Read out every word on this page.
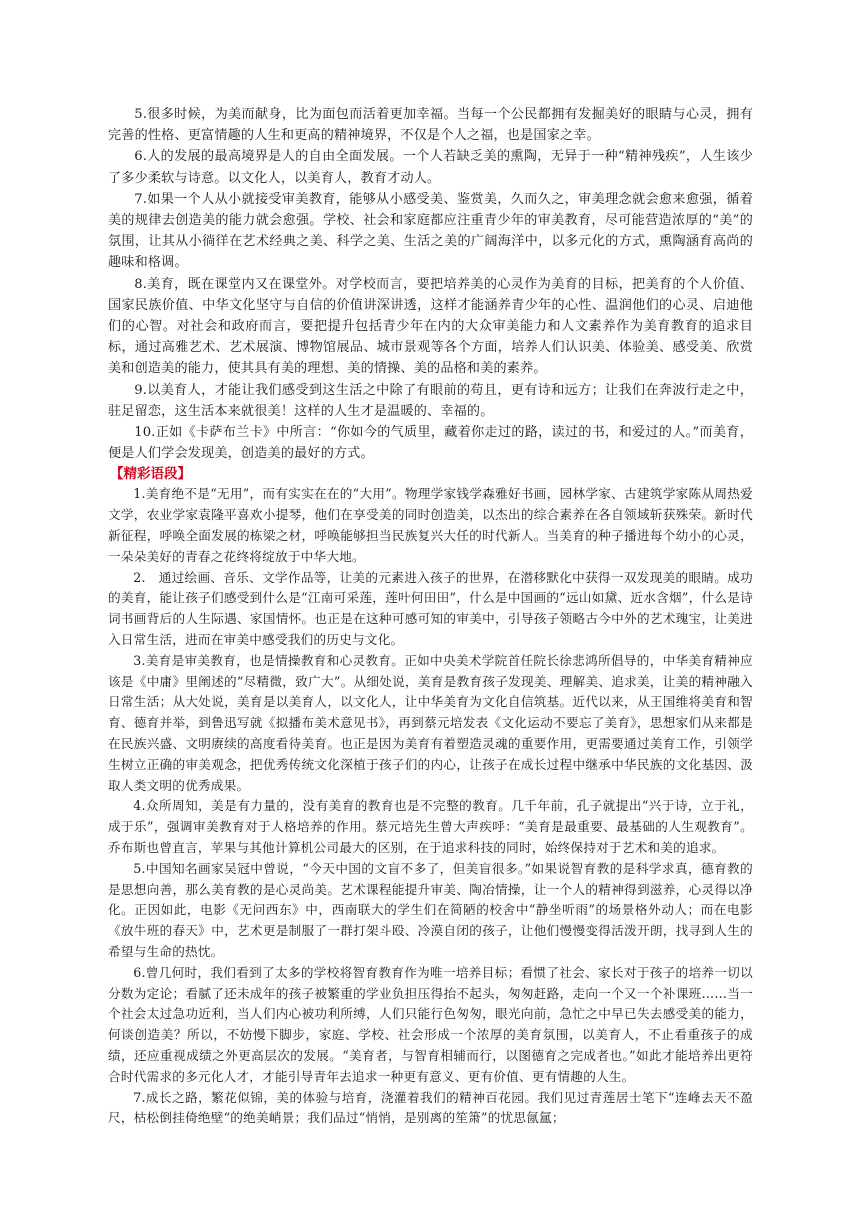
5.很多时候，为美而献身，比为面包而活着更加幸福。当每一个公民都拥有发掘美好的眼睛与心灵，拥有完善的性格、更富情趣的人生和更高的精神境界，不仅是个人之福，也是国家之幸。

6.人的发展的最高境界是人的自由全面发展。一个人若缺乏美的熏陶，无异于一种“精神残疾”，人生该少了多少柔软与诗意。以文化人，以美育人，教育才动人。

7.如果一个人从小就接受审美教育，能够从小感受美、鉴赏美，久而久之，审美理念就会愈来愈强，循着美的规律去创造美的能力就会愈强。学校、社会和家庭都应注重青少年的审美教育，尽可能营造浓厚的“美”的氛围，让其从小徜徉在艺术经典之美、科学之美、生活之美的广阔海洋中，以多元化的方式，熏陶涵育高尚的趣味和格调。

8.美育，既在课堂内又在课堂外。对学校而言，要把培养美的心灵作为美育的目标，把美育的个人价值、国家民族价值、中华文化坚守与自信的价值讲深讲透，这样才能涵养青少年的心性、温润他们的心灵、启迪他们的心智。对社会和政府而言，要把提升包括青少年在内的大众审美能力和人文素养作为美育教育的追求目标，通过高雅艺术、艺术展演、博物馆展品、城市景观等各个方面，培养人们认识美、体验美、感受美、欣赏美和创造美的能力，使其具有美的理想、美的情操、美的品格和美的素养。

9.以美育人，才能让我们感受到这生活之中除了有眼前的苟且，更有诗和远方；让我们在奔波行走之中，驻足留恋，这生活本来就很美！这样的人生才是温暖的、幸福的。

10.正如《卡萨布兰卡》中所言：“你如今的气质里，藏着你走过的路，读过的书，和爱过的人。”而美育，便是人们学会发现美，创造美的最好的方式。

【精彩语段】

1.美育绝不是“无用”，而有实实在在的“大用”。物理学家钱学森雅好书画，园林学家、古建筑学家陈从周热爱文学，农业学家袁隆平喜欢小提琴，他们在享受美的同时创造美，以杰出的综合素养在各自领域斩获殊荣。新时代新征程，呼唤全面发展的栋梁之材，呼唤能够担当民族复兴大任的时代新人。当美育的种子播进每个幼小的心灵，一朵朵美好的青春之花终将绽放于中华大地。

2.　通过绘画、音乐、文学作品等，让美的元素进入孩子的世界，在潜移默化中获得一双发现美的眼睛。成功的美育，能让孩子们感受到什么是“江南可采莲，莲叶何田田”，什么是中国画的“远山如黛、近水含烟”，什么是诗词书画背后的人生际遇、家国情怀。也正是在这种可感可知的审美中，引导孩子领略古今中外的艺术瑰宝，让美进入日常生活，进而在审美中感受我们的历史与文化。

3.美育是审美教育，也是情操教育和心灵教育。正如中央美术学院首任院长徐悲鸿所倡导的，中华美育精神应该是《中庸》里阐述的“尽精微，致广大”。从细处说，美育是教育孩子发现美、理解美、追求美，让美的精神融入日常生活；从大处说，美育是以美育人，以文化人，让中华美育为文化自信筑基。近代以来，从王国维将美育和智育、德育并举，到鲁迅写就《拟播布美术意见书》，再到蔡元培发表《文化运动不要忘了美育》，思想家们从来都是在民族兴盛、文明赓续的高度看待美育。也正是因为美育有着塑造灵魂的重要作用，更需要通过美育工作，引领学生树立正确的审美观念，把优秀传统文化深植于孩子们的内心，让孩子在成长过程中继承中华民族的文化基因、汲取人类文明的优秀成果。

4.众所周知，美是有力量的，没有美育的教育也是不完整的教育。几千年前，孔子就提出“兴于诗，立于礼，成于乐”，强调审美教育对于人格培养的作用。蔡元培先生曾大声疾呼：“美育是最重要、最基础的人生观教育”。乔布斯也曾直言，苹果与其他计算机公司最大的区别，在于追求科技的同时，始终保持对于艺术和美的追求。

5.中国知名画家吴冠中曾说，“今天中国的文盲不多了，但美盲很多。”如果说智育教的是科学求真，德育教的是思想向善，那么美育教的是心灵尚美。艺术课程能提升审美、陶冶情操，让一个人的精神得到滋养，心灵得以净化。正因如此，电影《无问西东》中，西南联大的学生们在简陋的校舍中“静坐听雨”的场景格外动人；而在电影《放牛班的春天》中，艺术更是制服了一群打架斗殴、冷漠自闭的孩子，让他们慢慢变得活泼开朗，找寻到人生的希望与生命的热忱。

6.曾几何时，我们看到了太多的学校将智育教育作为唯一培养目标；看惯了社会、家长对于孩子的培养一切以分数为定论；看腻了还未成年的孩子被繁重的学业负担压得抬不起头，匆匆赶路，走向一个又一个补课班……当一个社会太过急功近利，当人们内心被功利所缚，人们只能行色匆匆，眼光向前，急忙之中早已失去感受美的能力，何谈创造美？所以，不妨慢下脚步，家庭、学校、社会形成一个浓厚的美育氛围，以美育人，不止看重孩子的成绩，还应重视成绩之外更高层次的发展。“美育者，与智育相辅而行，以图德育之完成者也。”如此才能培养出更符合时代需求的多元化人才，才能引导青年去追求一种更有意义、更有价值、更有情趣的人生。

7.成长之路，繁花似锦，美的体验与培育，浇灌着我们的精神百花园。我们见过青莲居士笔下“连峰去天不盈尺，枯松倒挂倚绝壁“的绝美峭景；我们品过“悄悄，是别离的笙箫”的忧思氤氲；
